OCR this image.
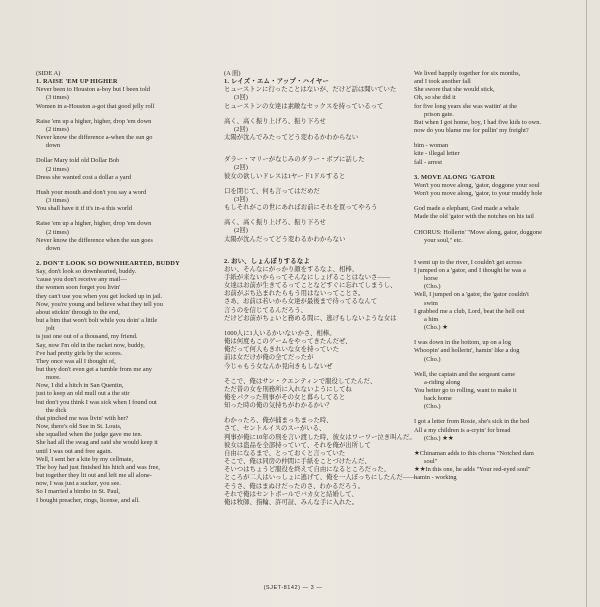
(SIDE A)
1. RAISE 'EM UP HIGHER
Never been to Houston a-boy but I been told
(3 times)
Women in a-Houston a-got that good jelly roll
Raise 'em up a higher, higher, drop 'em down
(2 times)
Never know the difference a-when the sun go
down
Dollar Mary told old Dollar Bob
(2 times)
Dress she wanted cost a dollar a yard
Hush your mouth and don't you say a word
(3 times)
You shall have it if it's in-a this world
Raise 'em up a higher, higher, drop 'em down
(2 times)
Never know the difference when the sun goes
down
2. DON'T LOOK SO DOWNHEARTED, BUDDY
Say, don't look so downhearted, buddy.
'cause you don't receive any mail—
the women soon forget you livin'
they can't use you when you get locked up in jail.
Now, you're young and believe what they tell you
about stickin' through to the end,
but a bim that won't bolt while you doin' a little
jolt
is just one out of a thousand, my friend.
Say, now I'm old in the racket now, buddy,
I've had pretty girls by the scores.
They once was all I thought of,
but they don't even get a tumble from me any
more.
Now, I did a hitch in San Quentin,
just to keep an old mull out a the stir
but don't you think I was sick when I found out
the dick
that pinched me was livin' with her?
Now, there's old Sue in St. Louis,
she squalled when the judge gave me ten.
She had all the swag and said she would keep it
until I was out and free again.
Well, I sent her a kite by my cellmate,
The boy had just finished his hitch and was free,
but together they lit out and left me all alone-
now, I was just a sucker, you see.
So I married a bimbo in St. Paul,
I bought preacher, rings, license, and all.
(A 面)
1. レイズ・エム・アップ・ハイヤー
ヒューストンに行ったことはないが、だけど話は聞いていた
(3回)
ヒューストンの女達は素敵なセックスを持っているって
高く、高く振り上げろ、振り下ろせ
(2回)
太陽が沈んでみたってどう変わるかわからない
ダラー・マリーがなじみのダラー・ボブに話した
(2回)
彼女の欲しいドレスは1ヤード1ドルすると
口を閉じて、何も言ってはだめだ
(3回)
もしそれがこの世にあればお前にそれを買ってやろう
高く、高く振り上げろ、振り下ろせ
(2回)
太陽が沈んだってどう変わるかわからない
2. おい、しょんぼりするなよ
おい、そんなにがっかり顔をするなよ、相棒、
手紙が来ないからってそんなにしょげることはないさ——
女達はお前が生きてるってことなどすぐに忘れてしまうし、
お前がぶち込まれたらもう用はないってことさ。
さあ、お前は若いから女達が最後まで待ってるなんて
言うのを信じてるんだろう、
だけどお前がちょいと務める間に、逃げもしないような女は
1000人に1人いるかいないかさ、相棒。
俺は何度もこのゲームをやってきたんだぜ、
俺だって何人もきれいな女を持っていた
前は女だけが俺の全てだったが
今じゃもう女なんか見向きもしないぜ
そこで、俺はサン・クエンティンで服役してたんだ、
ただ昔の女を刑務所に入れないようにしてね
俺をパクった刑事がその女と暮らしてると
知った時の俺の気持ちがわかるかい？
わかったろ、俺が捕まっちまった時、
さて、セントルイスのスーがいる、
判事が俺に10年の刑を言い渡した時、彼女はワーワー泣き叫んだ。
彼女は盗品を全部持っていて、それを俺が出所して
自由になるまで、とっておくと言っていた
そこで、俺は同房の仲間に手紙をことづけたんだ、
そいつはちょうど服役を終えて自由になるところだった、
ところが二人はいっしょに逃げて、俺を一人ぼっちにしたんだ——
そうさ、俺はまぬけだったのさ、わかるだろう。
それで俺はセントポールでバカ女と結婚して、
俺は牧師、指輪、許可証、みんな手に入れた。
We lived happily together for six months,
and I took another fall
She swore that she would stick,
Oh, so she did it
for five long years she was waitin' at the
prison gate.
But when I got home, boy, I had five kids to own.
now do you blame me for pullin' my freight?
bim - woman
kite - illegal letter
fall - arrest
3. MOVE ALONG 'GATOR
Won't you move along, 'gator, doggone your soul
Won't you move along, 'gator, to your muddy hole
God made a elephant, God made a whale
Made the old 'gator with the notches on his tail
CHORUS: Hollerin' "Move along, gator, doggone
your soul," etc.
I went up to the river, I couldn't get across
I jumped on a 'gator, and I thought he was a
horse
(Cho.)
Well, I jumped on a 'gator, the 'gator couldn't
swim
I grabbed me a club, Lord, beat the hell out
a him
(Cho.) ★
I was down in the bottom, up on a log
Whoopin' and hollerin', hamin' like a dog
(Cho.)
Well, the captain and the sergeant came
a-riding along
You better go to rolling, want to make it
back home
(Cho.)
I got a letter from Rosie, she's sick in the bed
All a my children is a-cryin' for bread
(Cho.) ★★
★Chinaman adds to this chorus "Notched dam
soul"
★★In this one, he adds "Your red-eyed soul"
hamin - working
(SJET-8142) — 3 —
